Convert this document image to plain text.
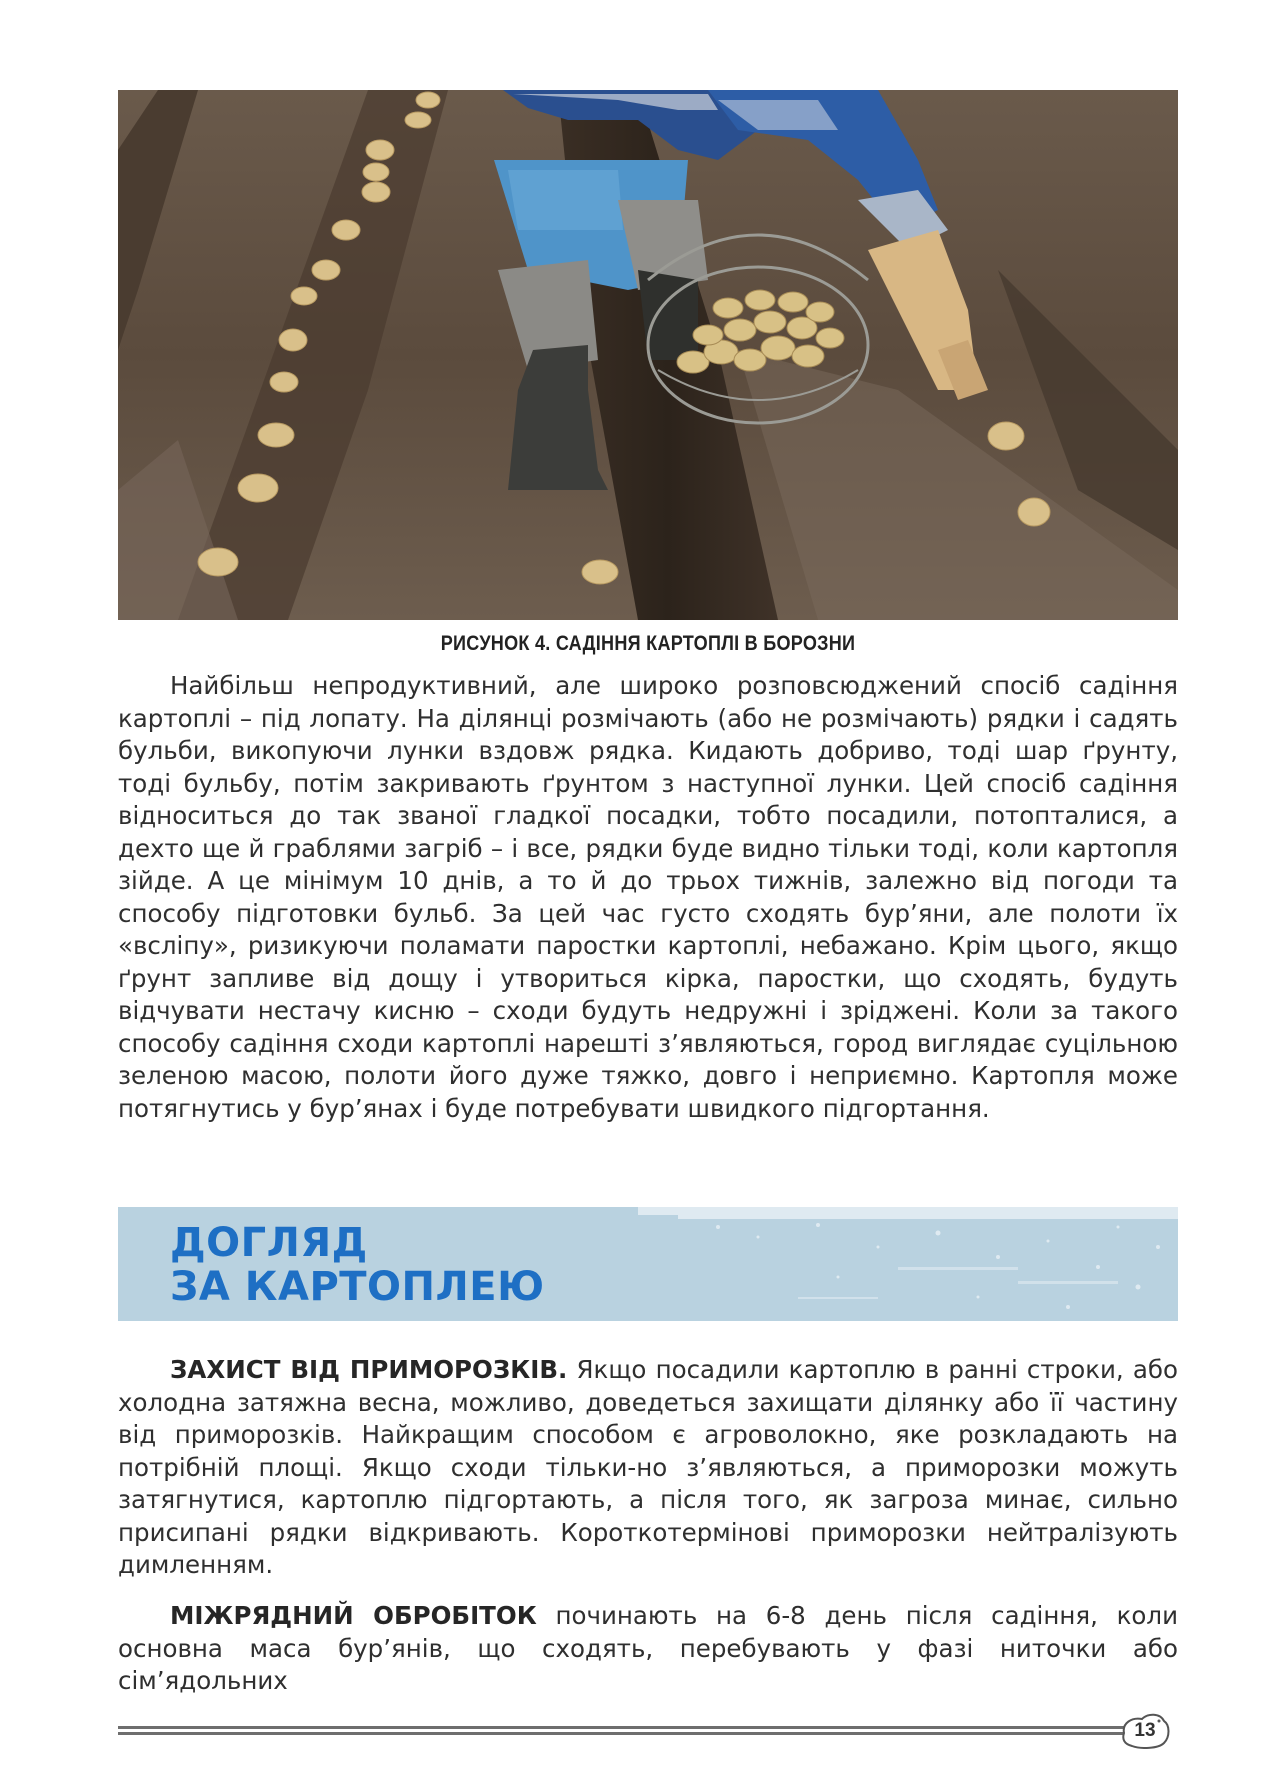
РИСУНОК 4. САДІННЯ КАРТОПЛІ В БОРОЗНИ

Найбільш непродуктивний, але широко розповсюджений спосіб садіння картоплі – під лопату. На ділянці розмічають (або не розмічають) рядки і садять бульби, викопуючи лунки вздовж рядка. Кидають добриво, тоді шар ґрунту, тоді бульбу, потім закривають ґрунтом з наступної лунки. Цей спосіб садіння відноситься до так званої гладкої посадки, тобто посадили, потопталися, а дехто ще й граблями загріб – і все, рядки буде видно тільки тоді, коли картопля зійде. А це мінімум 10 днів, а то й до трьох тижнів, залежно від погоди та способу підготовки бульб. За цей час густо сходять бур’яни, але полоти їх «всліпу», ризикуючи поламати паростки картоплі, небажано. Крім цього, якщо ґрунт запливе від дощу і утвориться кірка, паростки, що сходять, будуть відчувати нестачу кисню – сходи будуть недружні і зріджені. Коли за такого способу садіння сходи картоплі нарешті з’являються, город виглядає суцільною зеленою масою, полоти його дуже тяжко, довго і неприємно. Картопля може потягнутись у бур’янах і буде потребувати швидкого підгортання.

ДОГЛЯД
ЗА КАРТОПЛЕЮ

ЗАХИСТ ВІД ПРИМОРОЗКІВ. Якщо посадили картоплю в ранні строки, або холодна затяжна весна, можливо, доведеться захищати ділянку або її частину від приморозків. Найкращим способом є агроволокно, яке розкладають на потрібній площі. Якщо сходи тільки-но з’являються, а приморозки можуть затягнутися, картоплю підгортають, а після того, як загроза минає, сильно присипані рядки відкривають. Короткотермінові приморозки нейтралізують димленням.

МІЖРЯДНИЙ ОБРОБІТОК починають на 6-8 день після садіння, коли основна маса бур’янів, що сходять, перебувають у фазі ниточки або сім’ядольних

13
